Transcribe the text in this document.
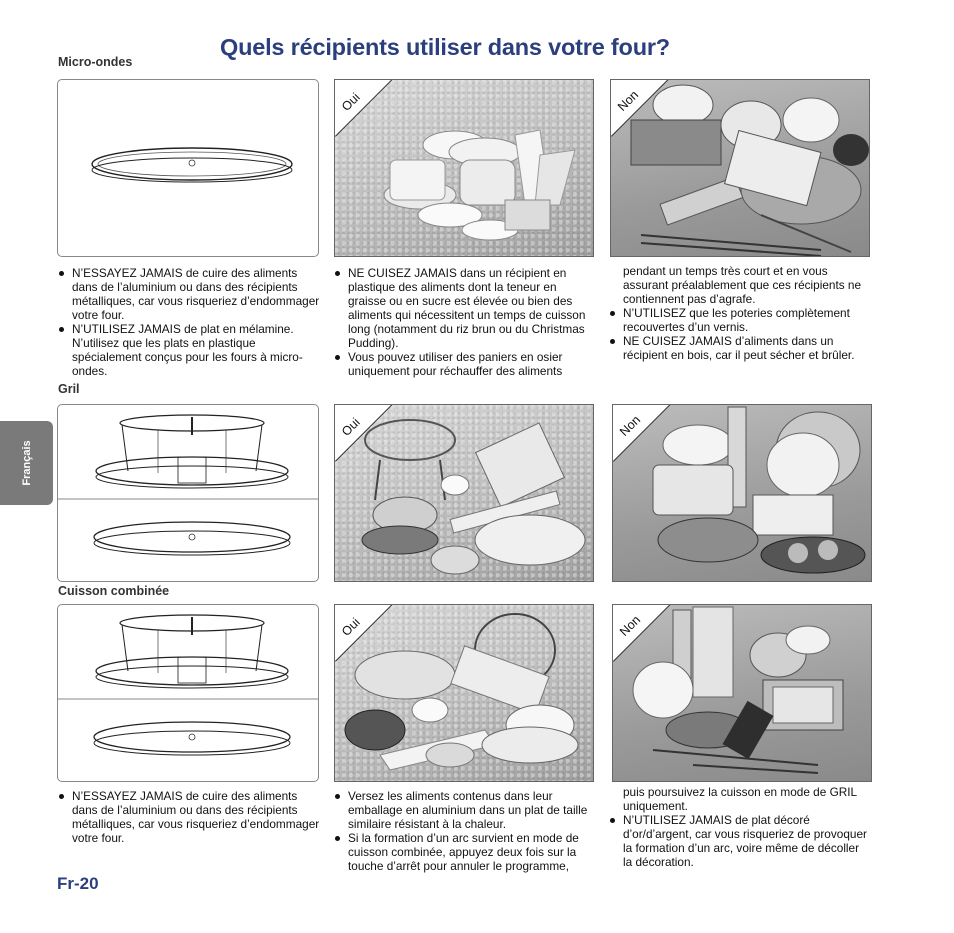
Quels récipients utiliser dans votre four?
Micro-ondes
Gril
Cuisson combinée
Français
Oui	Non
N’ESSAYEZ JAMAIS de cuire des aliments dans de l’aluminium ou dans des récipients métalliques, car vous risqueriez d’endommager votre four.
N’UTILISEZ JAMAIS de plat en mélamine. N’utilisez que les plats en plastique spécialement conçus pour les fours à micro-ondes.
NE CUISEZ JAMAIS dans un récipient en plastique des aliments dont la teneur en graisse ou en sucre est élevée ou bien des aliments qui nécessitent un temps de cuisson long (notamment du riz brun ou du Christmas Pudding).
Vous pouvez utiliser des paniers en osier uniquement pour réchauffer des aliments

pendant un temps très court et en vous assurant préalablement que ces récipients ne contiennent pas d’agrafe.

N’UTILISEZ que les poteries complètement recouvertes d’un vernis.
NE CUISEZ JAMAIS d’aliments dans un récipient en bois, car il peut sécher et brûler.
Oui	Non
Oui	Non
N’ESSAYEZ JAMAIS de cuire des aliments dans de l’aluminium ou dans des récipients métalliques, car vous risqueriez d’endommager votre four.
Versez les aliments contenus dans leur emballage en aluminium dans un plat de taille similaire résistant à la chaleur.
Si la formation d’un arc survient en mode de cuisson combinée, appuyez deux fois sur la touche d’arrêt pour annuler le programme,

puis poursuivez la cuisson en mode de GRIL uniquement.

N’UTILISEZ JAMAIS de plat décoré d’or/d’argent, car vous risqueriez de provoquer la formation d’un arc, voire même de décoller la décoration.
Fr-20
